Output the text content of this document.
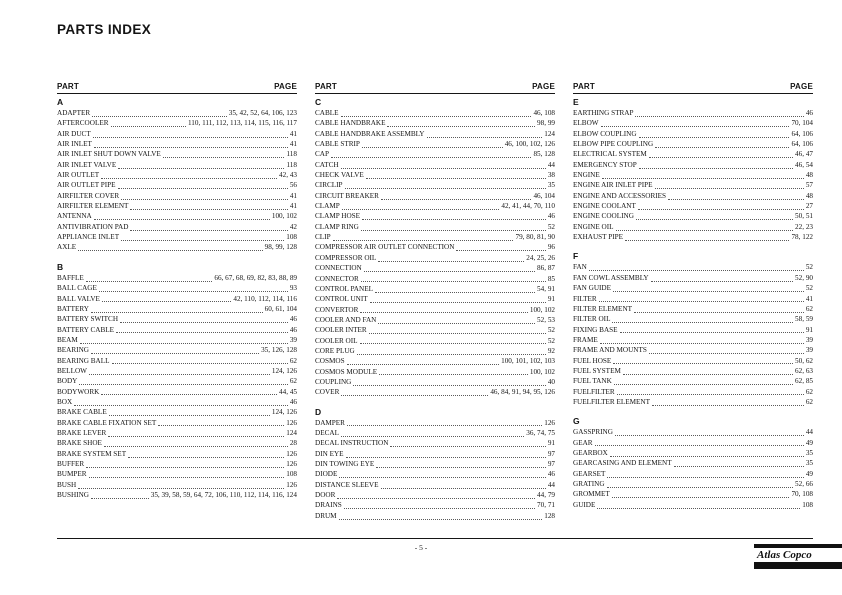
PARTS INDEX
PART	PAGE
A
ADAPTER	35, 42, 52, 64, 106, 123
AFTERCOOLER	110, 111, 112, 113, 114, 115, 116, 117
AIR DUCT	41
AIR INLET	41
AIR INLET SHUT DOWN VALVE	118
AIR INLET VALVE	118
AIR OUTLET	42, 43
AIR OUTLET PIPE	56
AIRFILTER COVER	41
AIRFILTER ELEMENT	41
ANTENNA	100, 102
ANTIVIBRATION PAD	42
APPLIANCE INLET	108
AXLE	98, 99, 128
B
BAFFLE	66, 67, 68, 69, 82, 83, 88, 89
BALL CAGE	93
BALL VALVE	42, 110, 112, 114, 116
BATTERY	60, 61, 104
BATTERY SWITCH	46
BATTERY CABLE	46
BEAM	39
BEARING	35, 126, 128
BEARING BALL	62
BELLOW	124, 126
BODY	62
BODYWORK	44, 45
BOX	46
BRAKE CABLE	124, 126
BRAKE CABLE FIXATION SET	126
BRAKE LEVER	124
BRAKE SHOE	28
BRAKE SYSTEM SET	126
BUFFER	126
BUMPER	108
BUSH	126
BUSHING	35, 39, 58, 59, 64, 72, 106, 110, 112, 114, 116, 124
PART	PAGE
C
CABLE	46, 108
CABLE HANDBRAKE	98, 99
CABLE HANDBRAKE ASSEMBLY	124
CABLE STRIP	46, 100, 102, 126
CAP	85, 128
CATCH	44
CHECK VALVE	38
CIRCLIP	35
CIRCUIT BREAKER	46, 104
CLAMP	42, 41, 44, 70, 110
CLAMP HOSE	46
CLAMP RING	52
CLIP	79, 80, 81, 90
COMPRESSOR AIR OUTLET CONNECTION	96
COMPRESSOR OIL	24, 25, 26
CONNECTION	86, 87
CONNECTOR	85
CONTROL PANEL	54, 91
CONTROL UNIT	91
CONVERTOR	100, 102
COOLER AND FAN	52, 53
COOLER INTER	52
COOLER OIL	52
CORE PLUG	92
COSMOS	100, 101, 102, 103
COSMOS MODULE	100, 102
COUPLING	40
COVER	46, 84, 91, 94, 95, 126
D
DAMPER	126
DECAL	36, 74, 75
DECAL INSTRUCTION	91
DIN EYE	97
DIN TOWING EYE	97
DIODE	46
DISTANCE SLEEVE	44
DOOR	44, 79
DRAINS	70, 71
DRUM	128
PART	PAGE
E
EARTHING STRAP	46
ELBOW	70, 104
ELBOW COUPLING	64, 106
ELBOW PIPE COUPLING	64, 106
ELECTRICAL SYSTEM	46, 47
EMERGENCY STOP	46, 54
ENGINE	48
ENGINE AIR INLET PIPE	57
ENGINE AND ACCESSORIES	48
ENGINE COOLANT	27
ENGINE COOLING	50, 51
ENGINE OIL	22, 23
EXHAUST PIPE	78, 122
F
FAN	52
FAN COWL ASSEMBLY	52, 90
FAN GUIDE	52
FILTER	41
FILTER ELEMENT	62
FILTER OIL	58, 59
FIXING BASE	91
FRAME	39
FRAME AND MOUNTS	39
FUEL HOSE	50, 62
FUEL SYSTEM	62, 63
FUEL TANK	62, 85
FUELFILTER	62
FUELFILTER ELEMENT	62
G
GASSPRING	44
GEAR	49
GEARBOX	35
GEARCASING AND ELEMENT	35
GEARSET	49
GRATING	52, 66
GROMMET	70, 108
GUIDE	108
- 5 -
Atlas Copco
